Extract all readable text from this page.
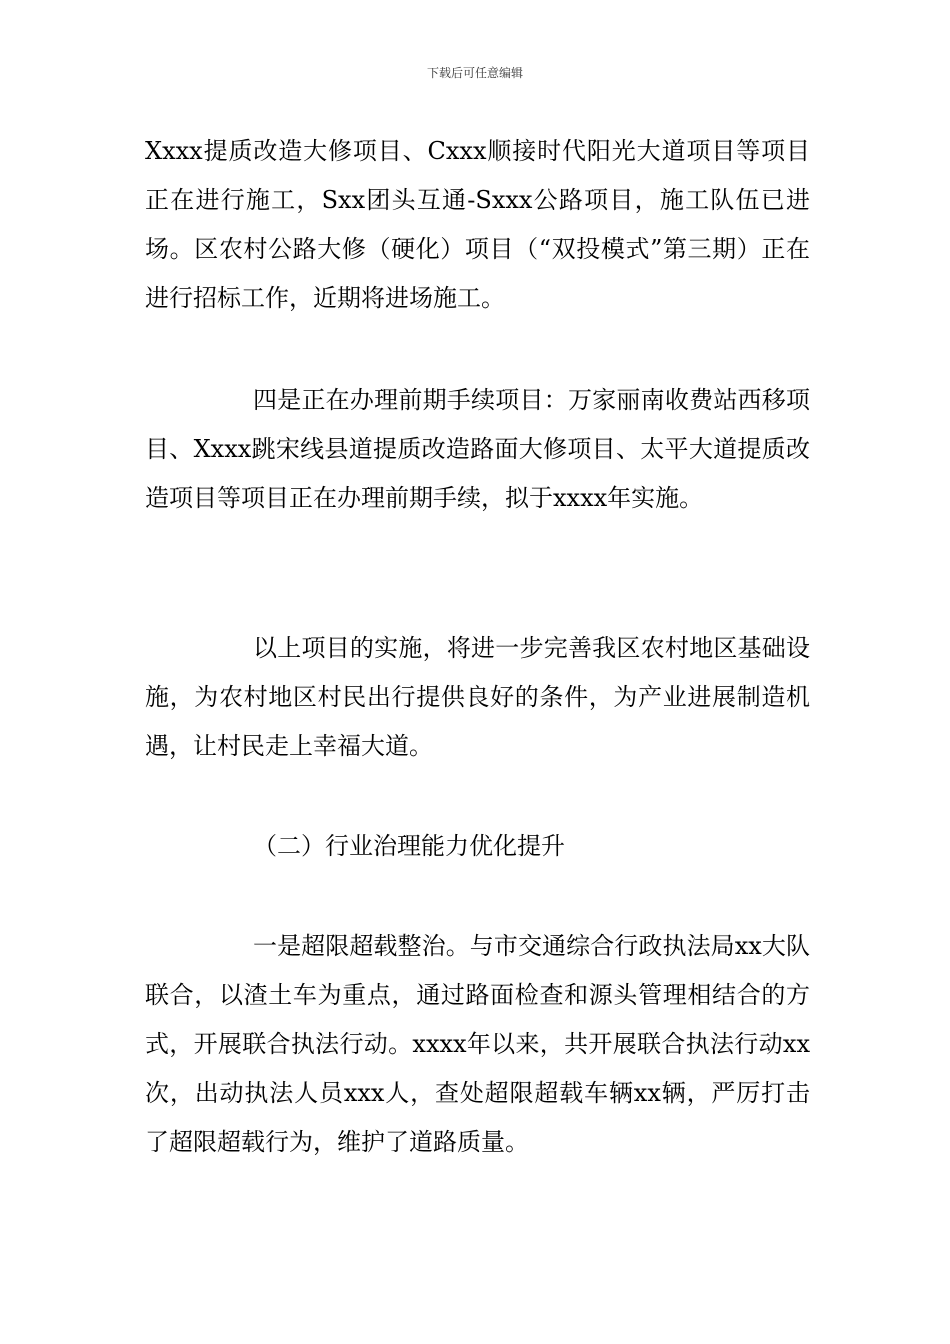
下载后可任意编辑
Xxxx提质改造大修项目、Cxxx顺接时代阳光大道项目等项目正在进行施工，Sxx团头互通-Sxxx公路项目，施工队伍已进场。区农村公路大修（硬化）项目（“双投模式”第三期）正在进行招标工作，近期将进场施工。
四是正在办理前期手续项目：万家丽南收费站西移项目、Xxxx跳宋线县道提质改造路面大修项目、太平大道提质改造项目等项目正在办理前期手续，拟于xxxx年实施。
以上项目的实施，将进一步完善我区农村地区基础设施，为农村地区村民出行提供良好的条件，为产业进展制造机遇，让村民走上幸福大道。
（二）行业治理能力优化提升
一是超限超载整治。与市交通综合行政执法局xx大队联合，以渣土车为重点，通过路面检查和源头管理相结合的方式，开展联合执法行动。xxxx年以来，共开展联合执法行动xx次，出动执法人员xxx人，查处超限超载车辆xx辆，严厉打击了超限超载行为，维护了道路质量。
